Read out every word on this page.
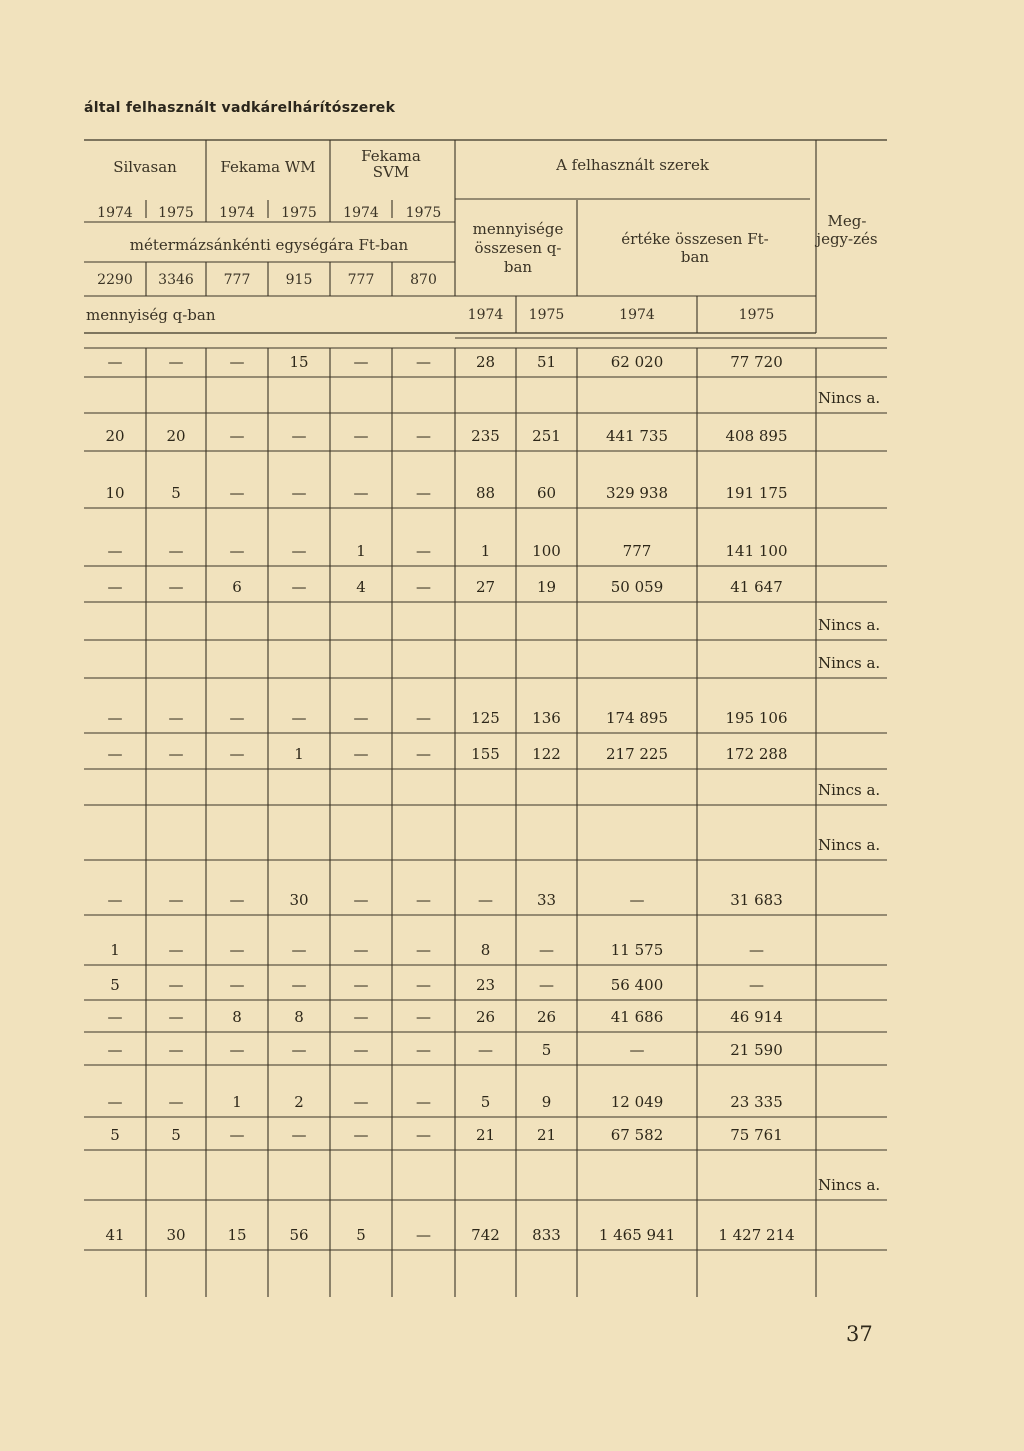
által felhasznált vadkárelhárítószerek
Silvasan	Fekama WM
Fekama SVM	A felhasznált szerek
Meg-jegy-zés
mennyisége összesen q-ban
értéke összesen Ft-ban
métermázsánkénti egységára Ft-ban
mennyiség q-ban
1974	1975	1974	1975	1974	1975
1974	1975	1974	1975
2290	3346	777	915	777	870
—	—	—	15	—	—	28	51	62 020	77 720
Nincs a.
20	20	—	—	—	—	235	251	441 735	408 895
10	5	—	—	—	—	88	60	329 938	191 175
—	—	—	—	1	—	1	100	777	141 100
—	—	6	—	4	—	27	19	50 059	41 647
Nincs a.
Nincs a.
—	—	—	—	—	—	125	136	174 895	195 106
—	—	—	1	—	—	155	122	217 225	172 288
Nincs a.
Nincs a.
—	—	—	30	—	—	—	33	—	31 683
1	—	—	—	—	—	8	—	11 575	—
5	—	—	—	—	—	23	—	56 400	—
—	—	8	8	—	—	26	26	41 686	46 914
—	—	—	—	—	—	—	5	—	21 590
—	—	1	2	—	—	5	9	12 049	23 335
5	5	—	—	—	—	21	21	67 582	75 761
Nincs a.
41	30	15	56	5	—	742	833	1 465 941	1 427 214
37
